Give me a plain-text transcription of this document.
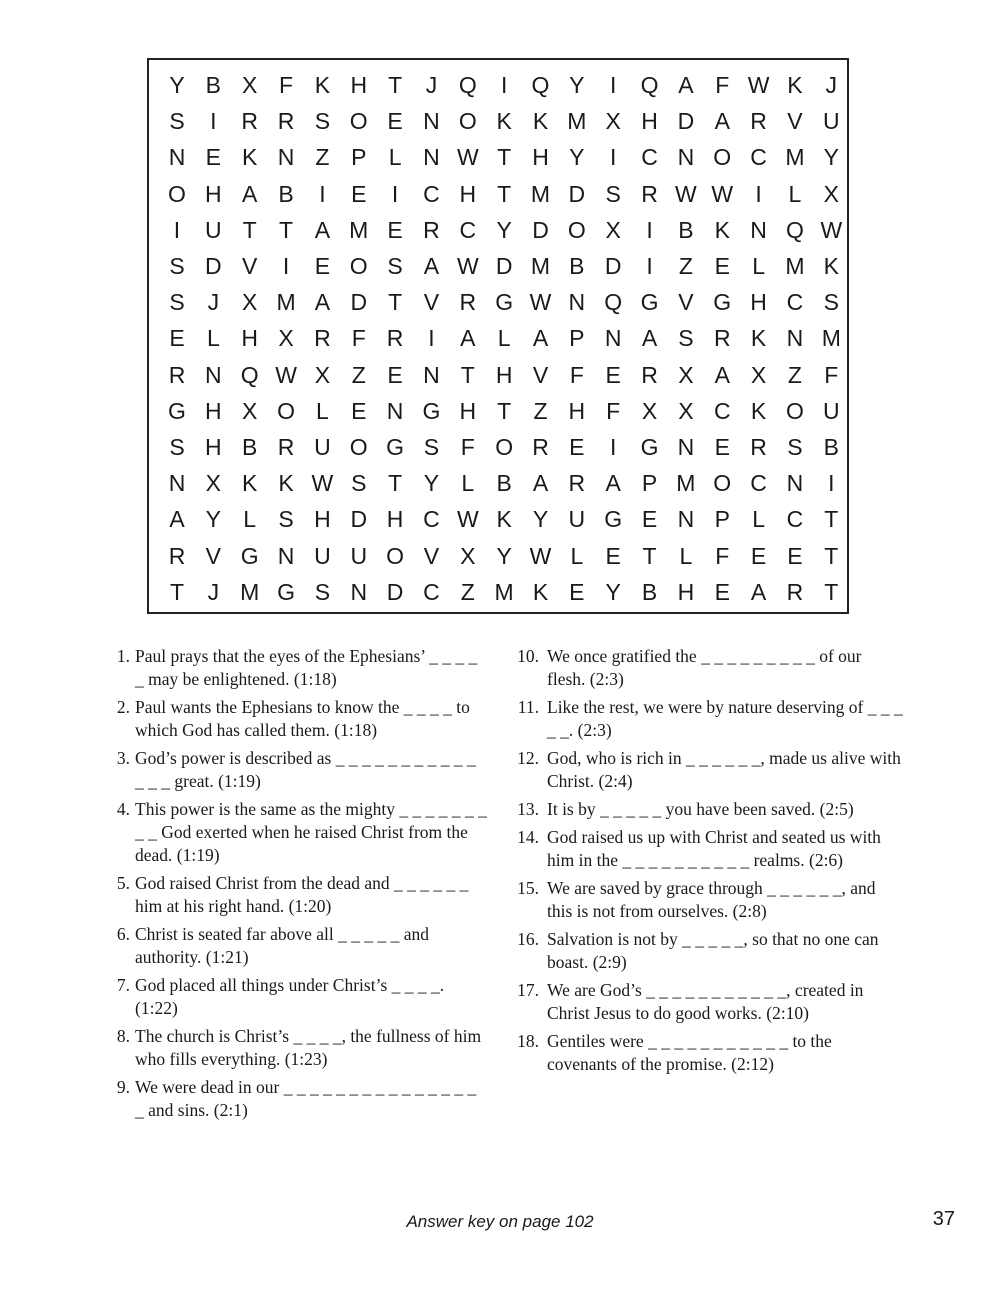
Y B X F K H T	J Q	I	Q Y	I	Q A F W K J
S	I	R R S O E N O K K M X H D A R V U
N E K N Z P L N W T H Y	I	C N O C M Y
O H A B	I	E	I	C H T M D S R W W I	L X
I	U T T A M E R C Y D O X	I	B K N Q W
S D V	I	E O S A W D M B D	I	Z E L M K
S J X M A D T V R G W N Q G V G H C S
E L H X R F R	I	A L A P N A S R K N M
R N Q W X Z E N T H V F E R X A X Z F
G H X O L E N G H T Z H F X X C K O U
S H B R U O G S F O R E	I	G N E R S B
N X K K W S T Y L B A R A P M O C N	I
A Y L S H D H C W K Y U G E N P L C T
R V G N U U O V X Y W L E T L F E E T
T	J M G S N D C Z M K E Y B H E A R T
1. Paul prays that the eyes of the Ephesians’ _ _ _ _ _ may be enlightened. (1:18)
2. Paul wants the Ephesians to know the _ _ _ _ to which God has called them. (1:18)
3. God’s power is described as _ _ _ _ _ _ _ _ _ _ _ _ _ _ great. (1:19)
4. This power is the same as the mighty _ _ _ _ _ _ _ _ _ God exerted when he raised Christ from the dead. (1:19)
5. God raised Christ from the dead and _ _ _ _ _ _ him at his right hand. (1:20)
6. Christ is seated far above all _ _ _ _ _ and authority. (1:21)
7. God placed all things under Christ’s _ _ _ _. (1:22)
8. The church is Christ’s _ _ _ _, the fullness of him who fills everything. (1:23)
9. We were dead in our _ _ _ _ _ _ _ _ _ _ _ _ _ _ _ _ and sins. (2:1)
10. We once gratified the _ _ _ _ _ _ _ _ _ of our flesh. (2:3)
11. Like the rest, we were by nature deserving of _ _ _ _ _. (2:3)
12. God, who is rich in _ _ _ _ _ _, made us alive with Christ. (2:4)
13. It is by _ _ _ _ _ you have been saved. (2:5)
14. God raised us up with Christ and seated us with him in the _ _ _ _ _ _ _ _ _ _ realms. (2:6)
15. We are saved by grace through _ _ _ _ _ _, and this is not from ourselves. (2:8)
16. Salvation is not by _ _ _ _ _, so that no one can boast. (2:9)
17. We are God’s _ _ _ _ _ _ _ _ _ _ _, created in Christ Jesus to do good works. (2:10)
18. Gentiles were _ _ _ _ _ _ _ _ _ _ _ to the covenants of the promise. (2:12)
Answer key on page 102	37
